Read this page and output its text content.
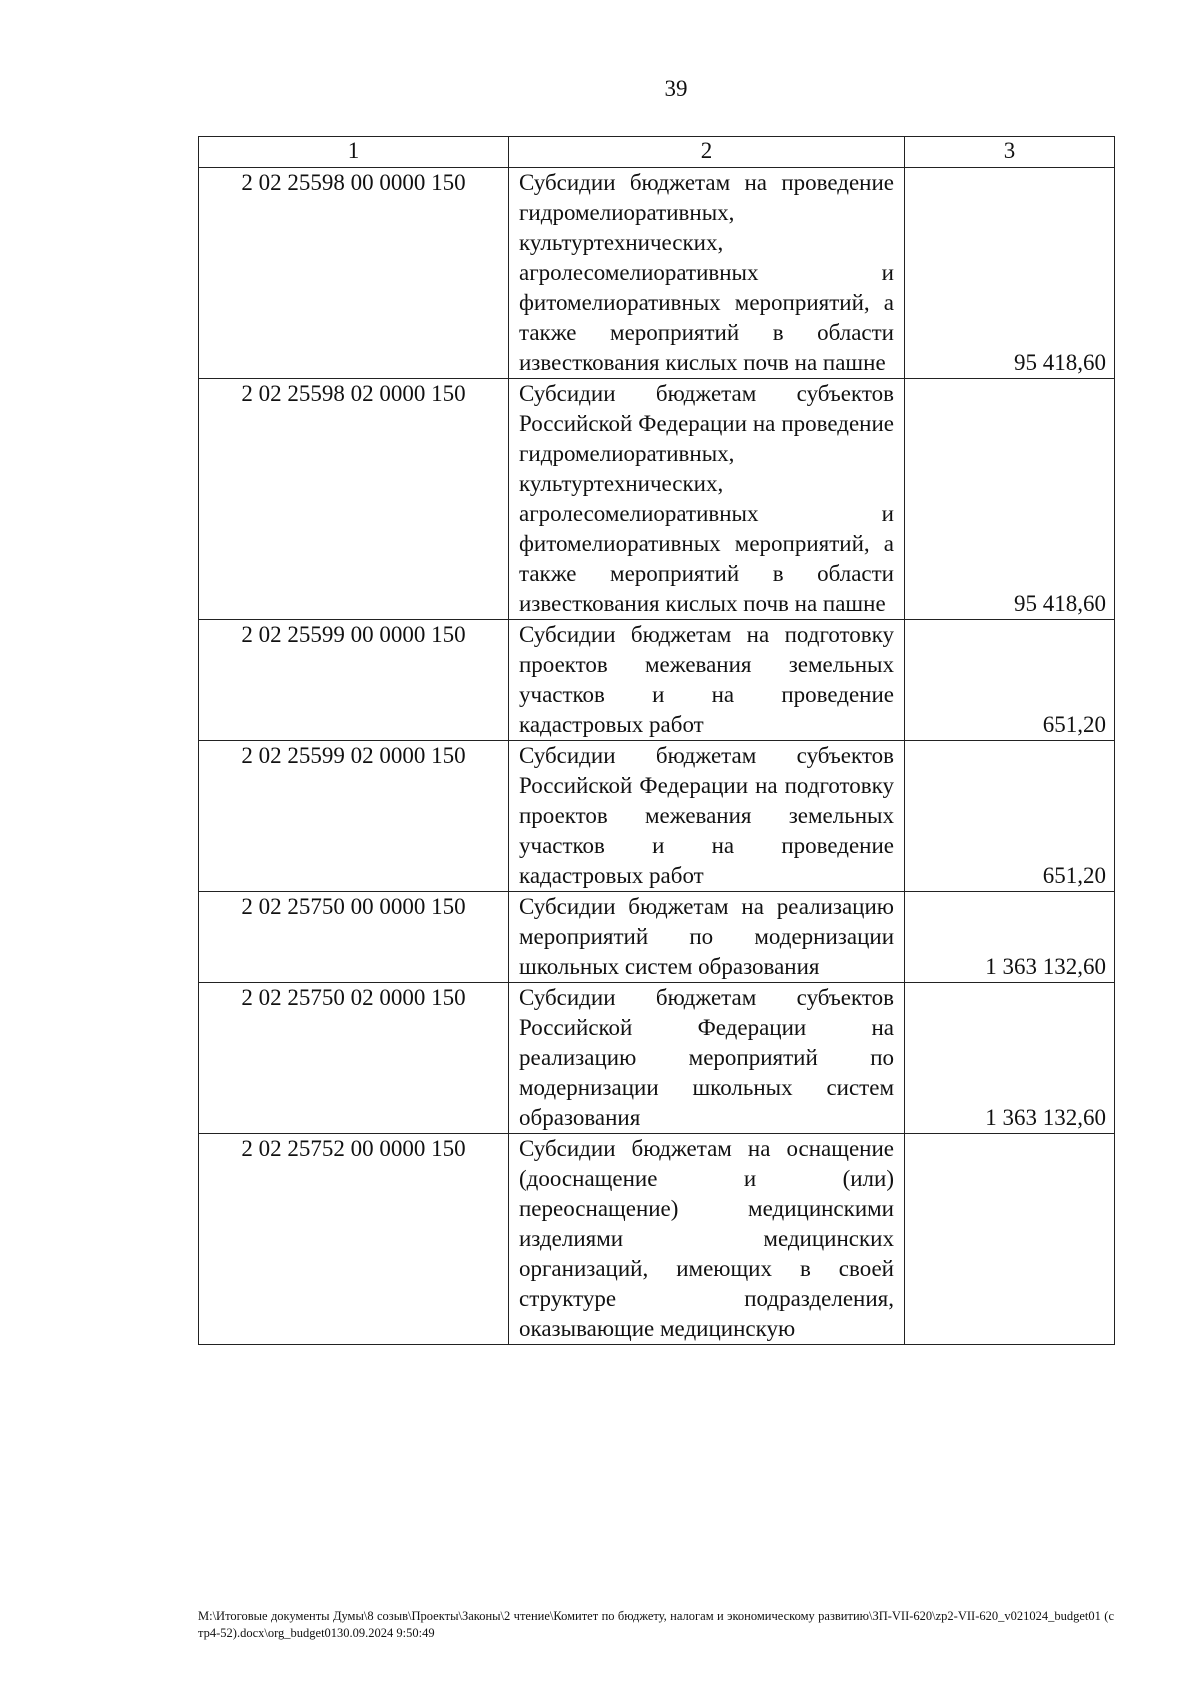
39
1	2	3
2 02 25598 00 0000 150	Субсидии бюджетам на проведение гидромелиоративных, культуртехнических, агролесомелиоративных и фитомелиоративных мероприятий, а также мероприятий в области известкования кислых почв на пашне	95 418,60
2 02 25598 02 0000 150	Субсидии бюджетам субъектов Российской Федерации на проведение гидромелиоративных, культуртехнических, агролесомелиоративных и фитомелиоративных мероприятий, а также мероприятий в области известкования кислых почв на пашне	95 418,60
2 02 25599 00 0000 150	Субсидии бюджетам на подготовку проектов межевания земельных участков и на проведение кадастровых работ	651,20
2 02 25599 02 0000 150	Субсидии бюджетам субъектов Российской Федерации на подготовку проектов межевания земельных участков и на проведение кадастровых работ	651,20
2 02 25750 00 0000 150	Субсидии бюджетам на реализацию мероприятий по модернизации школьных систем образования	1 363 132,60
2 02 25750 02 0000 150	Субсидии бюджетам субъектов Российской Федерации на реализацию мероприятий по модернизации школьных систем образования	1 363 132,60
2 02 25752 00 0000 150	Субсидии бюджетам на оснащение (дооснащение и (или) переоснащение) медицинскими изделиями медицинских организаций, имеющих в своей структуре подразделения, оказывающие медицинскую	
M:\Итоговые документы Думы\8 созыв\Проекты\Законы\2 чтение\Комитет по бюджету, налогам и экономическому развитию\ЗП-VII-620\zp2-VII-620_v021024_budget01 (стр4-52).docx\org_budget0130.09.2024 9:50:49
